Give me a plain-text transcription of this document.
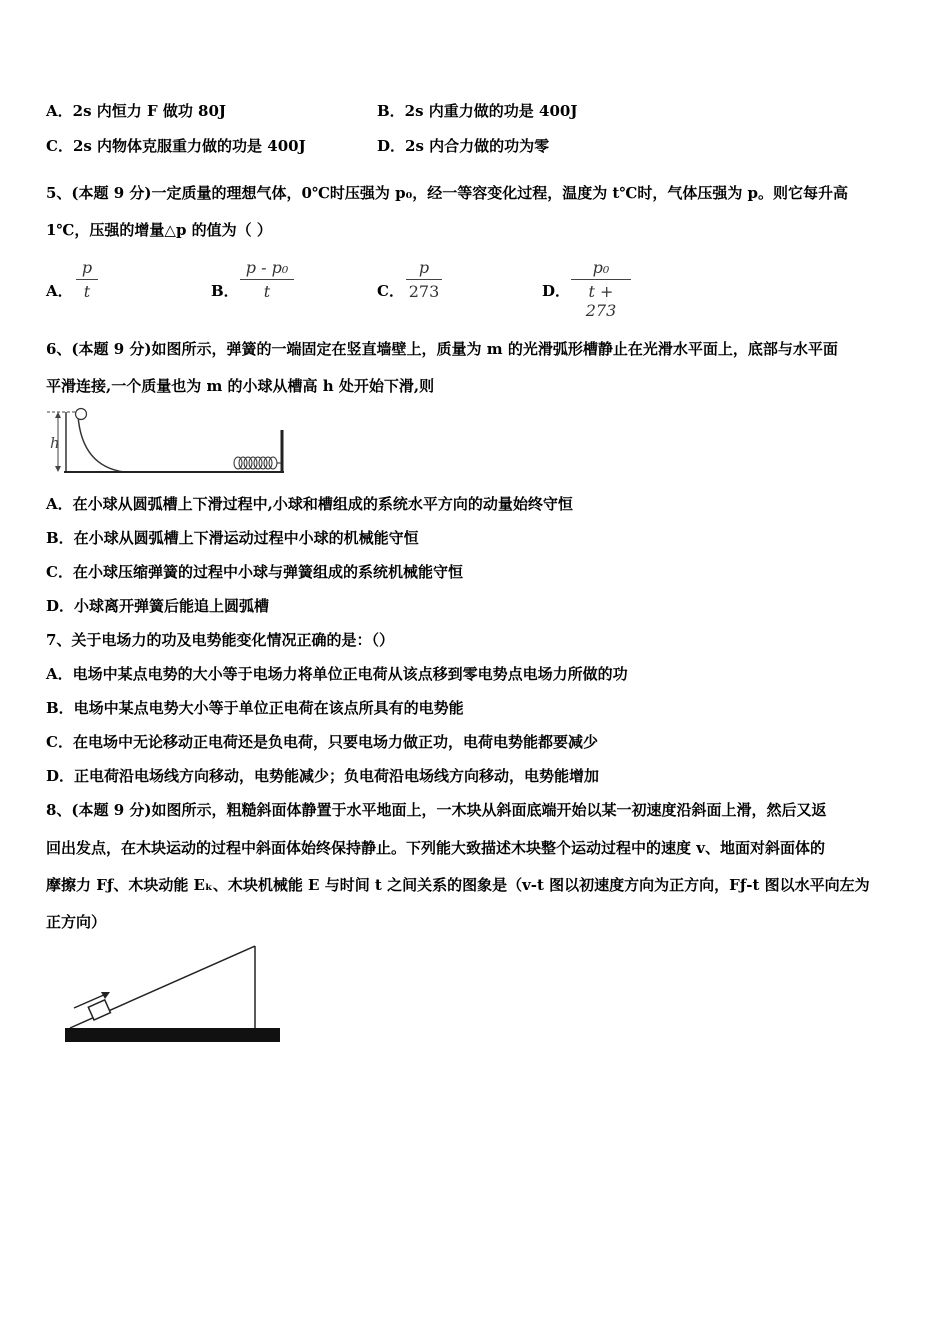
A．2s 内恒力 F 做功 80J	B．2s 内重力做的功是 400J
C．2s 内物体克服重力做的功是 400J	D．2s 内合力做的功为零
5、(本题 9 分)一定质量的理想气体，0℃时压强为 p₀，经一等容变化过程，温度为 t℃时，气体压强为 p。则它每升高
1℃，压强的增量△p 的值为（ ）
A．
p
t	B．
p - p₀
t	C．
p
273	D．
p₀
t + 273
6、(本题 9 分)如图所示，弹簧的一端固定在竖直墙壁上，质量为 m 的光滑弧形槽静止在光滑水平面上，底部与水平面
平滑连接,一个质量也为 m 的小球从槽高 h 处开始下滑,则
h
A．在小球从圆弧槽上下滑过程中,小球和槽组成的系统水平方向的动量始终守恒
B．在小球从圆弧槽上下滑运动过程中小球的机械能守恒
C．在小球压缩弹簧的过程中小球与弹簧组成的系统机械能守恒
D．小球离开弹簧后能追上圆弧槽
7、关于电场力的功及电势能变化情况正确的是：（）
A．电场中某点电势的大小等于电场力将单位正电荷从该点移到零电势点电场力所做的功
B．电场中某点电势大小等于单位正电荷在该点所具有的电势能
C．在电场中无论移动正电荷还是负电荷，只要电场力做正功，电荷电势能都要减少
D．正电荷沿电场线方向移动，电势能减少；负电荷沿电场线方向移动，电势能增加
8、(本题 9 分)如图所示，粗糙斜面体静置于水平地面上，一木块从斜面底端开始以某一初速度沿斜面上滑，然后又返
回出发点，在木块运动的过程中斜面体始终保持静止。下列能大致描述木块整个运动过程中的速度 v、地面对斜面体的
摩擦力 Fƒ、木块动能 Eₖ、木块机械能 E 与时间 t 之间关系的图象是（v-t 图以初速度方向为正方向，Fƒ-t 图以水平向左为
正方向）
